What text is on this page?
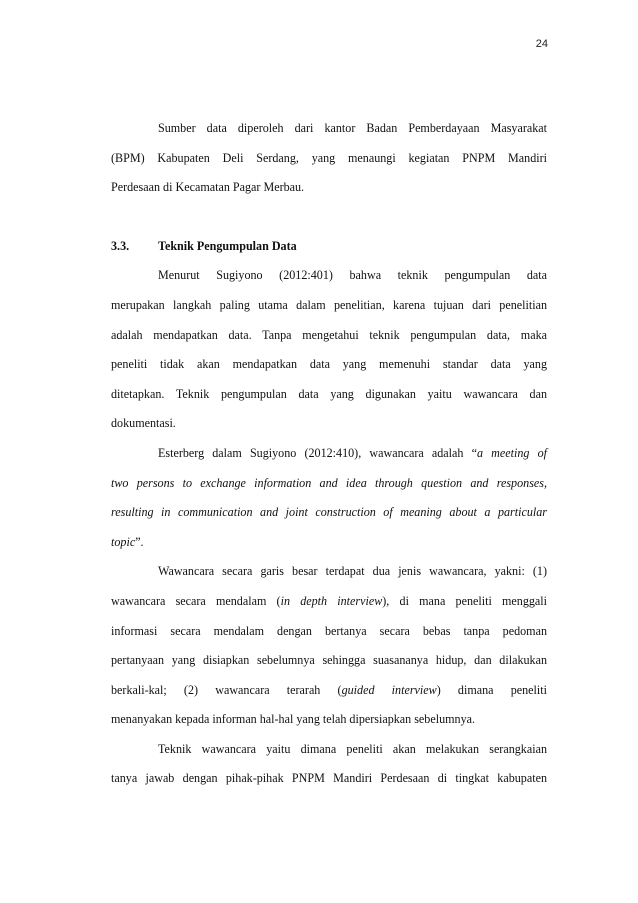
24

Sumber data diperoleh dari kantor Badan Pemberdayaan Masyarakat

(BPM) Kabupaten Deli Serdang, yang menaungi kegiatan PNPM Mandiri

Perdesaan di Kecamatan Pagar Merbau.

3.3.	Teknik Pengumpulan Data

Menurut Sugiyono (2012:401) bahwa teknik pengumpulan data

merupakan langkah paling utama dalam penelitian, karena tujuan dari penelitian

adalah mendapatkan data. Tanpa mengetahui teknik pengumpulan data, maka

peneliti tidak akan mendapatkan data yang memenuhi standar data yang

ditetapkan. Teknik pengumpulan data yang digunakan yaitu wawancara dan

dokumentasi.

Esterberg dalam Sugiyono (2012:410), wawancara adalah “a meeting of

two persons to exchange information and idea through question and responses,

resulting in communication and joint construction of meaning about a particular

topic”.

Wawancara secara garis besar terdapat dua jenis wawancara, yakni: (1)

wawancara secara mendalam (in depth interview), di mana peneliti menggali

informasi secara mendalam dengan bertanya secara bebas tanpa pedoman

pertanyaan yang disiapkan sebelumnya sehingga suasananya hidup, dan dilakukan

berkali-kal; (2) wawancara terarah (guided interview) dimana peneliti

menanyakan kepada informan hal-hal yang telah dipersiapkan sebelumnya.

Teknik wawancara yaitu dimana peneliti akan melakukan serangkaian

tanya jawab dengan pihak-pihak PNPM Mandiri Perdesaan di tingkat kabupaten
